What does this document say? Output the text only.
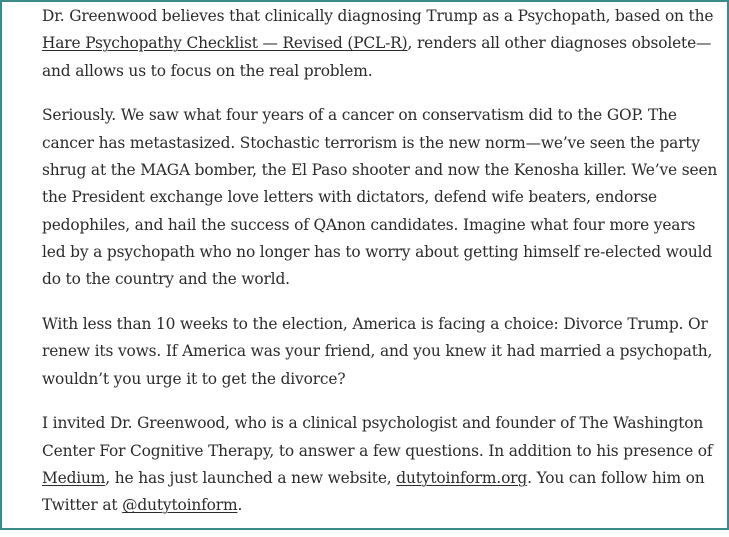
Dr. Greenwood believes that clinically diagnosing Trump as a Psychopath, based on the Hare Psychopathy Checklist — Revised (PCL-R), renders all other diagnoses obsolete—and allows us to focus on the real problem.

Seriously. We saw what four years of a cancer on conservatism did to the GOP. The cancer has metastasized. Stochastic terrorism is the new norm—we’ve seen the party shrug at the MAGA bomber, the El Paso shooter and now the Kenosha killer. We’ve seen the President exchange love letters with dictators, defend wife beaters, endorse pedophiles, and hail the success of QAnon candidates. Imagine what four more years led by a psychopath who no longer has to worry about getting himself re-elected would do to the country and the world.

With less than 10 weeks to the election, America is facing a choice: Divorce Trump. Or renew its vows. If America was your friend, and you knew it had married a psychopath, wouldn’t you urge it to get the divorce?

I invited Dr. Greenwood, who is a clinical psychologist and founder of The Washington Center For Cognitive Therapy, to answer a few questions. In addition to his presence of Medium, he has just launched a new website, dutytoinform.org. You can follow him on Twitter at @dutytoinform.
